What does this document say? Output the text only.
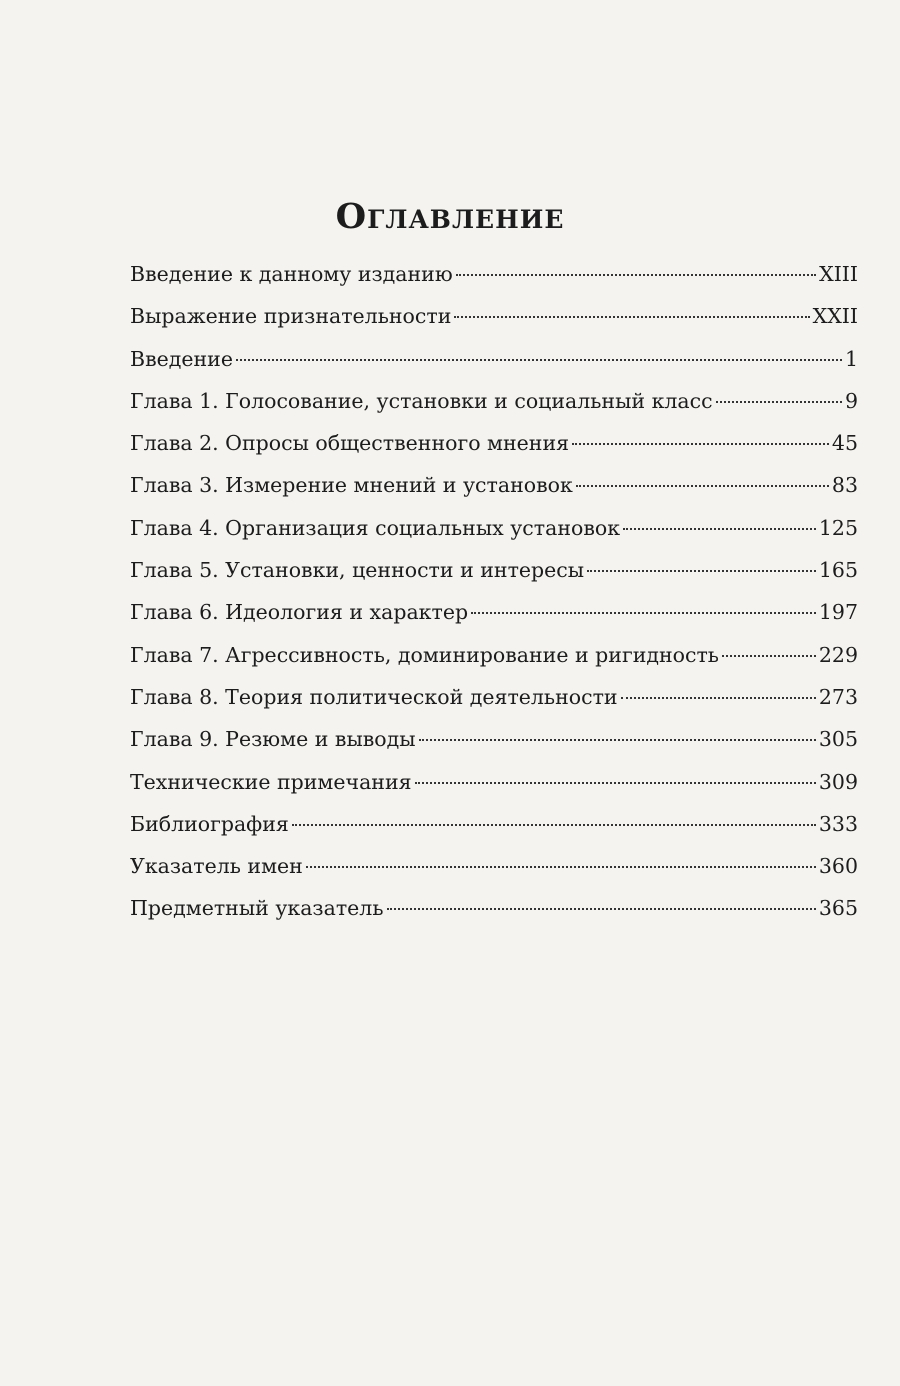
Оглавление
Введение к данному изданию	XIII
Выражение признательности	XXII
Введение	1
Глава 1. Голосование, установки и социальный класс	9
Глава 2. Опросы общественного мнения	45
Глава 3. Измерение мнений и установок	83
Глава 4. Организация социальных установок	125
Глава 5. Установки, ценности и интересы	165
Глава 6. Идеология и характер	197
Глава 7. Агрессивность, доминирование и ригидность	229
Глава 8. Теория политической деятельности	273
Глава 9. Резюме и выводы	305
Технические примечания	309
Библиография	333
Указатель имен	360
Предметный указатель	365
